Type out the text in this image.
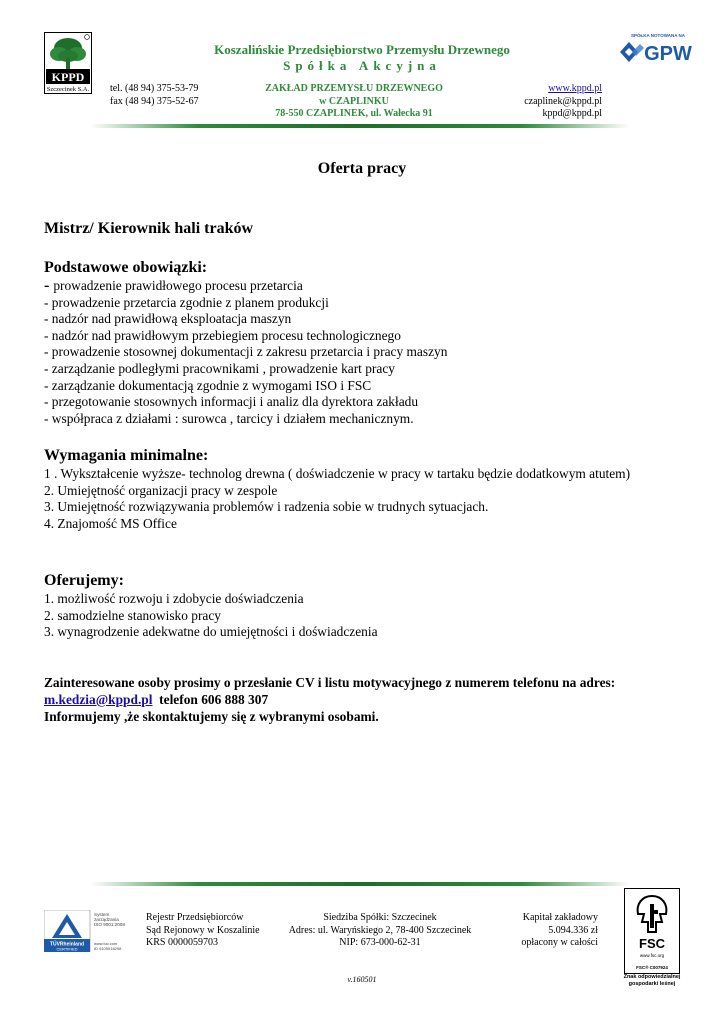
KPPD
Szczecinek S.A.
Koszalińskie Przedsiębiorstwo Przemysłu Drzewnego
Spółka Akcyjna
SPÓŁKA NOTOWANA NA
GPW
tel. (48 94) 375-53-79
fax (48 94) 375-52-67
ZAKŁAD PRZEMYSŁU DRZEWNEGO
w CZAPLINKU
78-550 CZAPLINEK, ul. Wałecka 91
www.kppd.pl
czaplinek@kppd.pl
kppd@kppd.pl
Oferta pracy
Mistrz/ Kierownik hali traków
Podstawowe obowiązki:
- prowadzenie prawidłowego procesu przetarcia
- prowadzenie przetarcia zgodnie z planem produkcji
- nadzór nad prawidłową eksploatacja maszyn
- nadzór nad prawidłowym przebiegiem procesu technologicznego
- prowadzenie stosownej dokumentacji z zakresu przetarcia i pracy maszyn
- zarządzanie podległymi pracownikami , prowadzenie kart pracy
- zarządzanie dokumentacją zgodnie z wymogami ISO i FSC
- przegotowanie stosownych informacji i analiz dla dyrektora zakładu
- współpraca z działami : surowca , tarcicy i działem mechanicznym.
Wymagania minimalne:
1 . Wykształcenie wyższe- technolog drewna ( doświadczenie w pracy w tartaku będzie dodatkowym atutem)
2. Umiejętność organizacji pracy w zespole
3. Umiejętność rozwiązywania problemów i radzenia sobie w trudnych sytuacjach.
4. Znajomość MS Office
Oferujemy:
1. możliwość rozwoju i zdobycie doświadczenia
2. samodzielne stanowisko pracy
3. wynagrodzenie adekwatne do umiejętności i doświadczenia
Zainteresowane osoby prosimy o przesłanie CV i listu motywacyjnego z numerem telefonu na adres:
m.kedzia@kppd.pl telefon 606 888 307
Informujemy ,że skontaktujemy się z wybranymi osobami.
TÜVRheinland
CERTIFIED
System
zarządzania
ISO 9001:2008
www.tuv.com
ID 9105018298
Rejestr Przedsiębiorców
Sąd Rejonowy w Koszalinie
KRS 0000059703
Siedziba Spółki: Szczecinek
Adres: ul. Waryńskiego 2, 78-400 Szczecinek
NIP: 673-000-62-31
Kapitał zakładowy
5.094.336 zł
opłacony w całości	FSC
www.fsc.org
FSC® C007924
Znak odpowiedzialnej gospodarki leśnej
v.160501
